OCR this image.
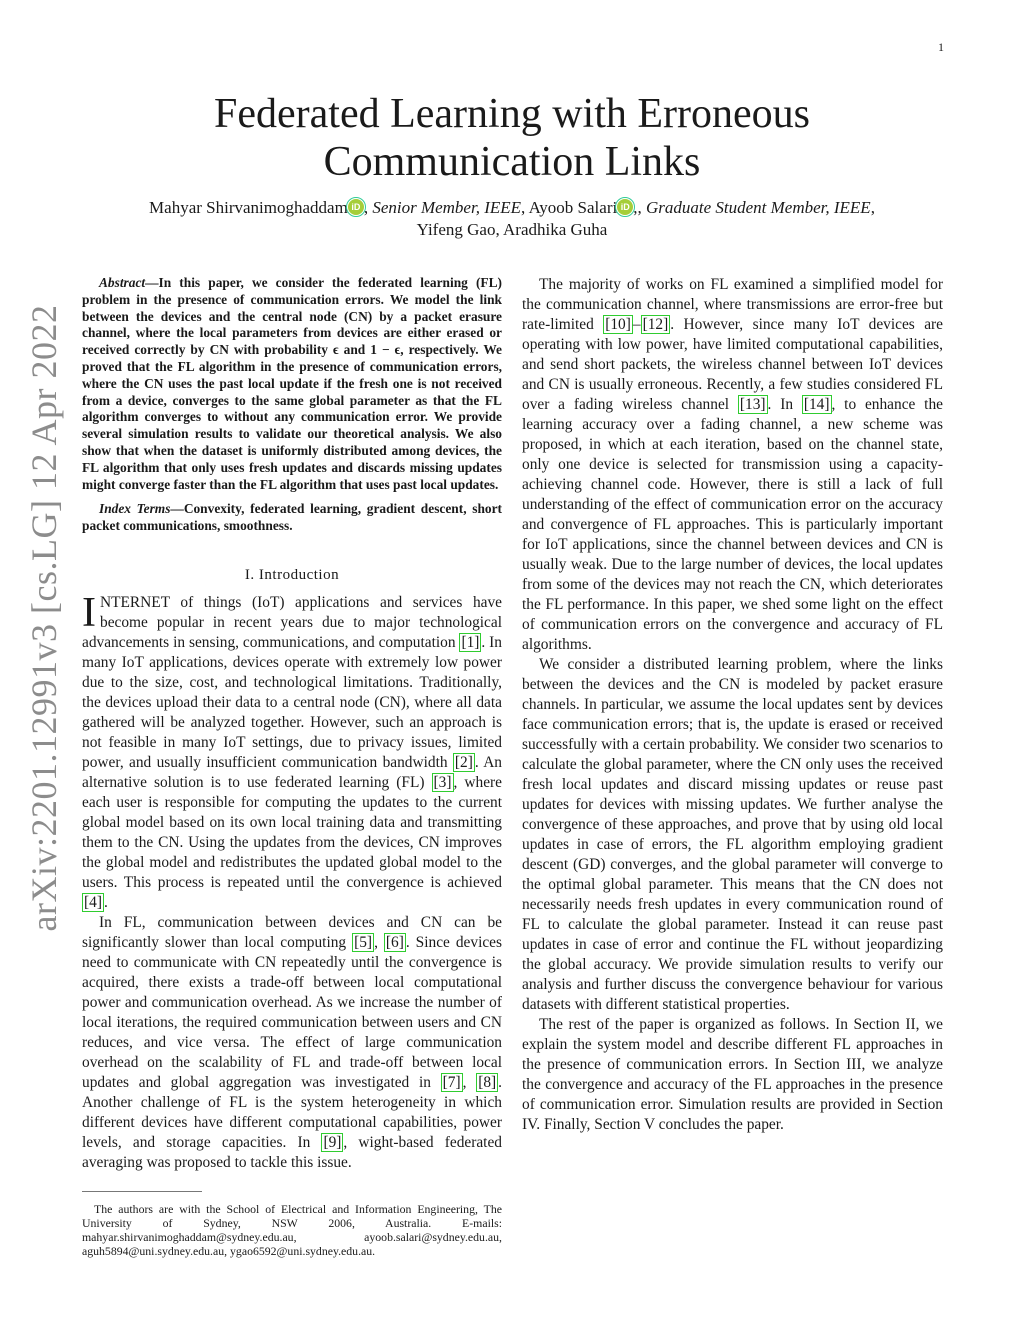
1
arXiv:2201.12991v3 [cs.LG] 12 Apr 2022
Federated Learning with Erroneous Communication Links
Mahyar Shirvanimoghaddam iD , Senior Member, IEEE, Ayoob Salari iD ,, Graduate Student Member, IEEE,
Yifeng Gao, Aradhika Guha
Abstract—In this paper, we consider the federated learning (FL) problem in the presence of communication errors. We model the link between the devices and the central node (CN) by a packet erasure channel, where the local parameters from devices are either erased or received correctly by CN with probability ϵ and 1 − ϵ, respectively. We proved that the FL algorithm in the presence of communication errors, where the CN uses the past local update if the fresh one is not received from a device, converges to the same global parameter as that the FL algorithm converges to without any communication error. We provide several simulation results to validate our theoretical analysis. We also show that when the dataset is uniformly distributed among devices, the FL algorithm that only uses fresh updates and discards missing updates might converge faster than the FL algorithm that uses past local updates.
Index Terms—Convexity, federated learning, gradient descent, short packet communications, smoothness.
I. Introduction

INTERNET of things (IoT) applications and services have become popular in recent years due to major technological advancements in sensing, communications, and computation [1] . In many IoT applications, devices operate with extremely low power due to the size, cost, and technological limitations. Traditionally, the devices upload their data to a central node (CN), where all data gathered will be analyzed together. However, such an approach is not feasible in many IoT settings, due to privacy issues, limited power, and usually insufficient communication bandwidth [2] . An alternative solution is to use federated learning (FL) [3] , where each user is responsible for computing the updates to the current global model based on its own local training data and transmitting them to the CN. Using the updates from the devices, CN improves the global model and redistributes the updated global model to the users. This process is repeated until the convergence is achieved [4] .

In FL, communication between devices and CN can be significantly slower than local computing [5] , [6] . Since devices need to communicate with CN repeatedly until the convergence is acquired, there exists a trade-off between local computational power and communication overhead. As we increase the number of local iterations, the required communication between users and CN reduces, and vice versa. The effect of large communication overhead on the scalability of FL and trade-off between local updates and global aggregation was investigated in [7] , [8] . Another challenge of FL is the system heterogeneity in which different devices have different computational capabilities, power levels, and storage capacities. In [9] , wight-based federated averaging was proposed to tackle this issue.

The authors are with the School of Electrical and Information Engineering, The University of Sydney, NSW 2006, Australia. E-mails: mahyar.shirvanimoghaddam@sydney.edu.au, ayoob.salari@sydney.edu.au, aguh5894@uni.sydney.edu.au, ygao6592@uni.sydney.edu.au.

The majority of works on FL examined a simplified model for the communication channel, where transmissions are error-free but rate-limited [10] – [12] . However, since many IoT devices are operating with low power, have limited computational capabilities, and send short packets, the wireless channel between IoT devices and CN is usually erroneous. Recently, a few studies considered FL over a fading wireless channel [13] . In [14] , to enhance the learning accuracy over a fading channel, a new scheme was proposed, in which at each iteration, based on the channel state, only one device is selected for transmission using a capacity-achieving channel code. However, there is still a lack of full understanding of the effect of communication error on the accuracy and convergence of FL approaches. This is particularly important for IoT applications, since the channel between devices and CN is usually weak. Due to the large number of devices, the local updates from some of the devices may not reach the CN, which deteriorates the FL performance. In this paper, we shed some light on the effect of communication errors on the convergence and accuracy of FL algorithms.

We consider a distributed learning problem, where the links between the devices and the CN is modeled by packet erasure channels. In particular, we assume the local updates sent by devices face communication errors; that is, the update is erased or received successfully with a certain probability. We consider two scenarios to calculate the global parameter, where the CN only uses the received fresh local updates and discard missing updates or reuse past updates for devices with missing updates. We further analyse the convergence of these approaches, and prove that by using old local updates in case of errors, the FL algorithm employing gradient descent (GD) converges, and the global parameter will converge to the optimal global parameter. This means that the CN does not necessarily needs fresh updates in every communication round of FL to calculate the global parameter. Instead it can reuse past updates in case of error and continue the FL without jeopardizing the global accuracy. We provide simulation results to verify our analysis and further discuss the convergence behaviour for various datasets with different statistical properties.

The rest of the paper is organized as follows. In Section II, we explain the system model and describe different FL approaches in the presence of communication errors. In Section III, we analyze the convergence and accuracy of the FL approaches in the presence of communication error. Simulation results are provided in Section IV. Finally, Section V concludes the paper.
